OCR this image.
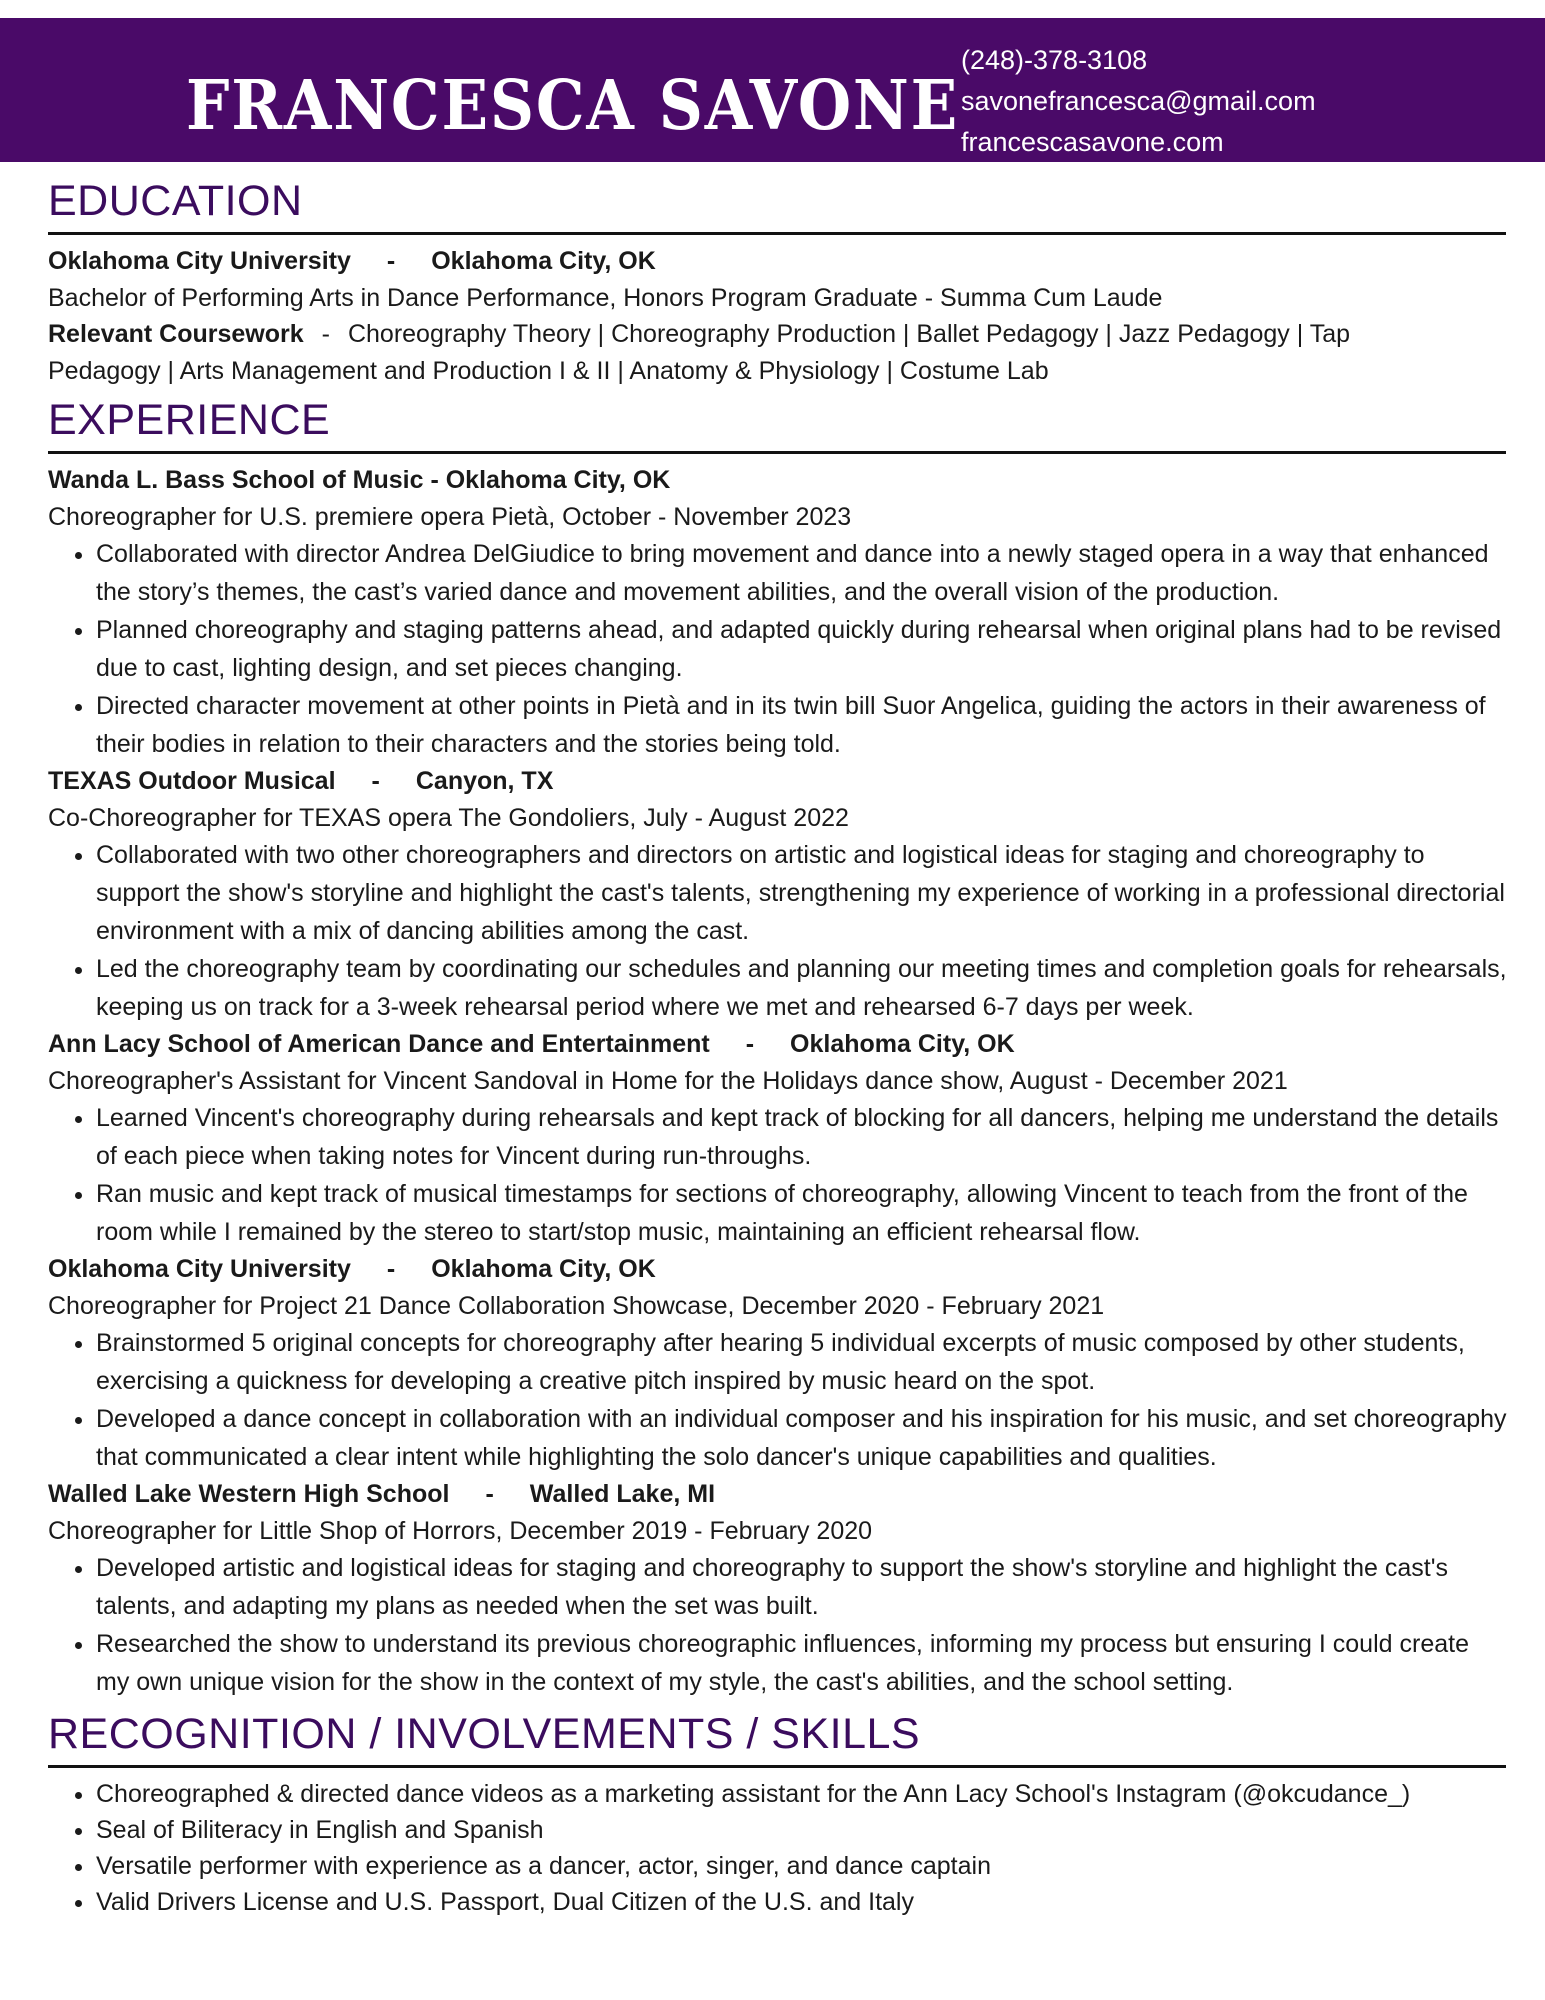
FRANCESCA SAVONE
(248)-378-3108
savonefrancesca@gmail.com
francescasavone.com
EDUCATION
Oklahoma City University - Oklahoma City, OK
Bachelor of Performing Arts in Dance Performance, Honors Program Graduate - Summa Cum Laude
Relevant Coursework - Choreography Theory | Choreography Production | Ballet Pedagogy | Jazz Pedagogy | Tap
Pedagogy | Arts Management and Production I & II | Anatomy & Physiology | Costume Lab
EXPERIENCE
Wanda L. Bass School of Music - Oklahoma City, OK
Choreographer for U.S. premiere opera Pietà, October - November 2023
• Collaborated with director Andrea DelGiudice to bring movement and dance into a newly staged opera in a way that enhanced the story’s themes, the cast’s varied dance and movement abilities, and the overall vision of the production.
• Planned choreography and staging patterns ahead, and adapted quickly during rehearsal when original plans had to be revised due to cast, lighting design, and set pieces changing.
• Directed character movement at other points in Pietà and in its twin bill Suor Angelica, guiding the actors in their awareness of their bodies in relation to their characters and the stories being told.
TEXAS Outdoor Musical - Canyon, TX
Co-Choreographer for TEXAS opera The Gondoliers, July - August 2022
• Collaborated with two other choreographers and directors on artistic and logistical ideas for staging and choreography to support the show's storyline and highlight the cast's talents, strengthening my experience of working in a professional directorial environment with a mix of dancing abilities among the cast.
• Led the choreography team by coordinating our schedules and planning our meeting times and completion goals for rehearsals, keeping us on track for a 3-week rehearsal period where we met and rehearsed 6-7 days per week.
Ann Lacy School of American Dance and Entertainment - Oklahoma City, OK
Choreographer's Assistant for Vincent Sandoval in Home for the Holidays dance show, August - December 2021
• Learned Vincent's choreography during rehearsals and kept track of blocking for all dancers, helping me understand the details of each piece when taking notes for Vincent during run-throughs.
• Ran music and kept track of musical timestamps for sections of choreography, allowing Vincent to teach from the front of the room while I remained by the stereo to start/stop music, maintaining an efficient rehearsal flow.
Oklahoma City University - Oklahoma City, OK
Choreographer for Project 21 Dance Collaboration Showcase, December 2020 - February 2021
• Brainstormed 5 original concepts for choreography after hearing 5 individual excerpts of music composed by other students, exercising a quickness for developing a creative pitch inspired by music heard on the spot.
• Developed a dance concept in collaboration with an individual composer and his inspiration for his music, and set choreography that communicated a clear intent while highlighting the solo dancer's unique capabilities and qualities.
Walled Lake Western High School - Walled Lake, MI
Choreographer for Little Shop of Horrors, December 2019 - February 2020
• Developed artistic and logistical ideas for staging and choreography to support the show's storyline and highlight the cast's talents, and adapting my plans as needed when the set was built.
• Researched the show to understand its previous choreographic influences, informing my process but ensuring I could create my own unique vision for the show in the context of my style, the cast's abilities, and the school setting.
RECOGNITION / INVOLVEMENTS / SKILLS
• Choreographed & directed dance videos as a marketing assistant for the Ann Lacy School's Instagram (@okcudance_)
• Seal of Biliteracy in English and Spanish
• Versatile performer with experience as a dancer, actor, singer, and dance captain
• Valid Drivers License and U.S. Passport, Dual Citizen of the U.S. and Italy
